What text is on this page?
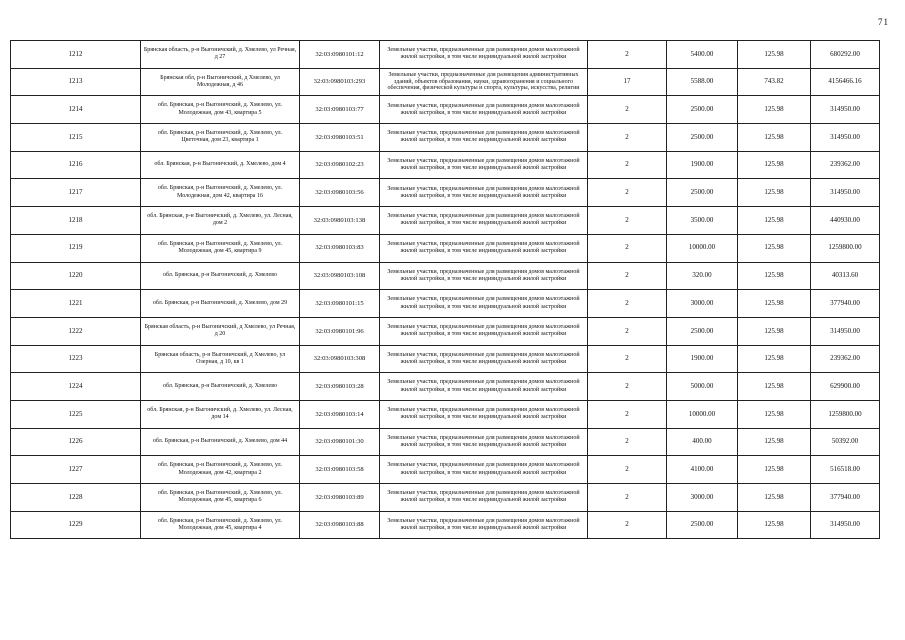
71
1212	Брянская область, р-н Выгоничский, д. Хмелево, ул Речная, д 27	32:03:0980101:12	Земельные участки, предназначенные для размещения домов малоэтажной жилой застройки, в том числе индивидуальной жилой застройки	2	5400.00	125.98	680292.00
1213	Брянская обл, р-н Выгоничский, д Хмелево, ул Молодежная, д 46	32:03:0980103:293	Земельные участки, предназначенные для размещения административных зданий, объектов образования, науки, здравоохранения и социального обеспечения, физической культуры и спорта, культуры, искусства, религии	17	5588.00	743.82	4156466.16
1214	обл. Брянская, р-н Выгоничский, д. Хмелево, ул. Молодежная, дом 43, квартира 5	32:03:0980103:77	Земельные участки, предназначенные для размещения домов малоэтажной жилой застройки, в том числе индивидуальной жилой застройки	2	2500.00	125.98	314950.00
1215	обл. Брянская, р-н Выгоничский, д. Хмелево, ул. Цветочная, дом 23, квартира 1	32:03:0980103:51	Земельные участки, предназначенные для размещения домов малоэтажной жилой застройки, в том числе индивидуальной жилой застройки	2	2500.00	125.98	314950.00
1216	обл. Брянская, р-н Выгоничский, д. Хмелево, дом 4	32:03:0980102:23	Земельные участки, предназначенные для размещения домов малоэтажной жилой застройки, в том числе индивидуальной жилой застройки	2	1900.00	125.98	239362.00
1217	обл. Брянская, р-н Выгоничский, д. Хмелево, ул. Молодежная, дом 42, квартира 16	32:03:0980103:56	Земельные участки, предназначенные для размещения домов малоэтажной жилой застройки, в том числе индивидуальной жилой застройки	2	2500.00	125.98	314950.00
1218	обл. Брянская, р-н Выгоничский, д. Хмелево, ул. Лесная, дом 2	32:03:0980103:138	Земельные участки, предназначенные для размещения домов малоэтажной жилой застройки, в том числе индивидуальной жилой застройки	2	3500.00	125.98	440930.00
1219	обл. Брянская, р-н Выгоничский, д. Хмелево, ул. Молодежная, дом 45, квартира 9	32:03:0980103:83	Земельные участки, предназначенные для размещения домов малоэтажной жилой застройки, в том числе индивидуальной жилой застройки	2	10000.00	125.98	1259800.00
1220	обл. Брянская, р-н Выгоничский, д. Хмелево	32:03:0980103:108	Земельные участки, предназначенные для размещения домов малоэтажной жилой застройки, в том числе индивидуальной жилой застройки	2	320.00	125.98	40313.60
1221	обл. Брянская, р-н Выгоничский, д. Хмелево, дом 29	32:03:0980101:15	Земельные участки, предназначенные для размещения домов малоэтажной жилой застройки, в том числе индивидуальной жилой застройки	2	3000.00	125.98	377940.00
1222	Брянская область, р-н Выгоничский, д Хмелево, ул Речная, д 20	32:03:0980101:96	Земельные участки, предназначенные для размещения домов малоэтажной жилой застройки, в том числе индивидуальной жилой застройки	2	2500.00	125.98	314950.00
1223	Брянская область, р-н Выгоничский, д Хмелево, ул Озерная, д 10, кв 1	32:03:0980103:308	Земельные участки, предназначенные для размещения домов малоэтажной жилой застройки, в том числе индивидуальной жилой застройки	2	1900.00	125.98	239362.00
1224	обл. Брянская, р-н Выгоничский, д. Хмелево	32:03:0980103:28	Земельные участки, предназначенные для размещения домов малоэтажной жилой застройки, в том числе индивидуальной жилой застройки	2	5000.00	125.98	629900.00
1225	обл. Брянская, р-н Выгоничский, д. Хмелево, ул. Лесная, дом 14	32:03:0980103:14	Земельные участки, предназначенные для размещения домов малоэтажной жилой застройки, в том числе индивидуальной жилой застройки	2	10000.00	125.98	1259800.00
1226	обл. Брянская, р-н Выгоничский, д. Хмелево, дом 44	32:03:0980101:30	Земельные участки, предназначенные для размещения домов малоэтажной жилой застройки, в том числе индивидуальной жилой застройки	2	400.00	125.98	50392.00
1227	обл. Брянская, р-н Выгоничский, д. Хмелево, ул. Молодежная, дом 42, квартира 2	32:03:0980103:58	Земельные участки, предназначенные для размещения домов малоэтажной жилой застройки, в том числе индивидуальной жилой застройки	2	4100.00	125.98	516518.00
1228	обл. Брянская, р-н Выгоничский, д. Хмелево, ул. Молодежная, дом 45, квартира 6	32:03:0980103:89	Земельные участки, предназначенные для размещения домов малоэтажной жилой застройки, в том числе индивидуальной жилой застройки	2	3000.00	125.98	377940.00
1229	обл. Брянская, р-н Выгоничский, д. Хмелево, ул. Молодежная, дом 45, квартира 4	32:03:0980103:88	Земельные участки, предназначенные для размещения домов малоэтажной жилой застройки, в том числе индивидуальной жилой застройки	2	2500.00	125.98	314950.00
